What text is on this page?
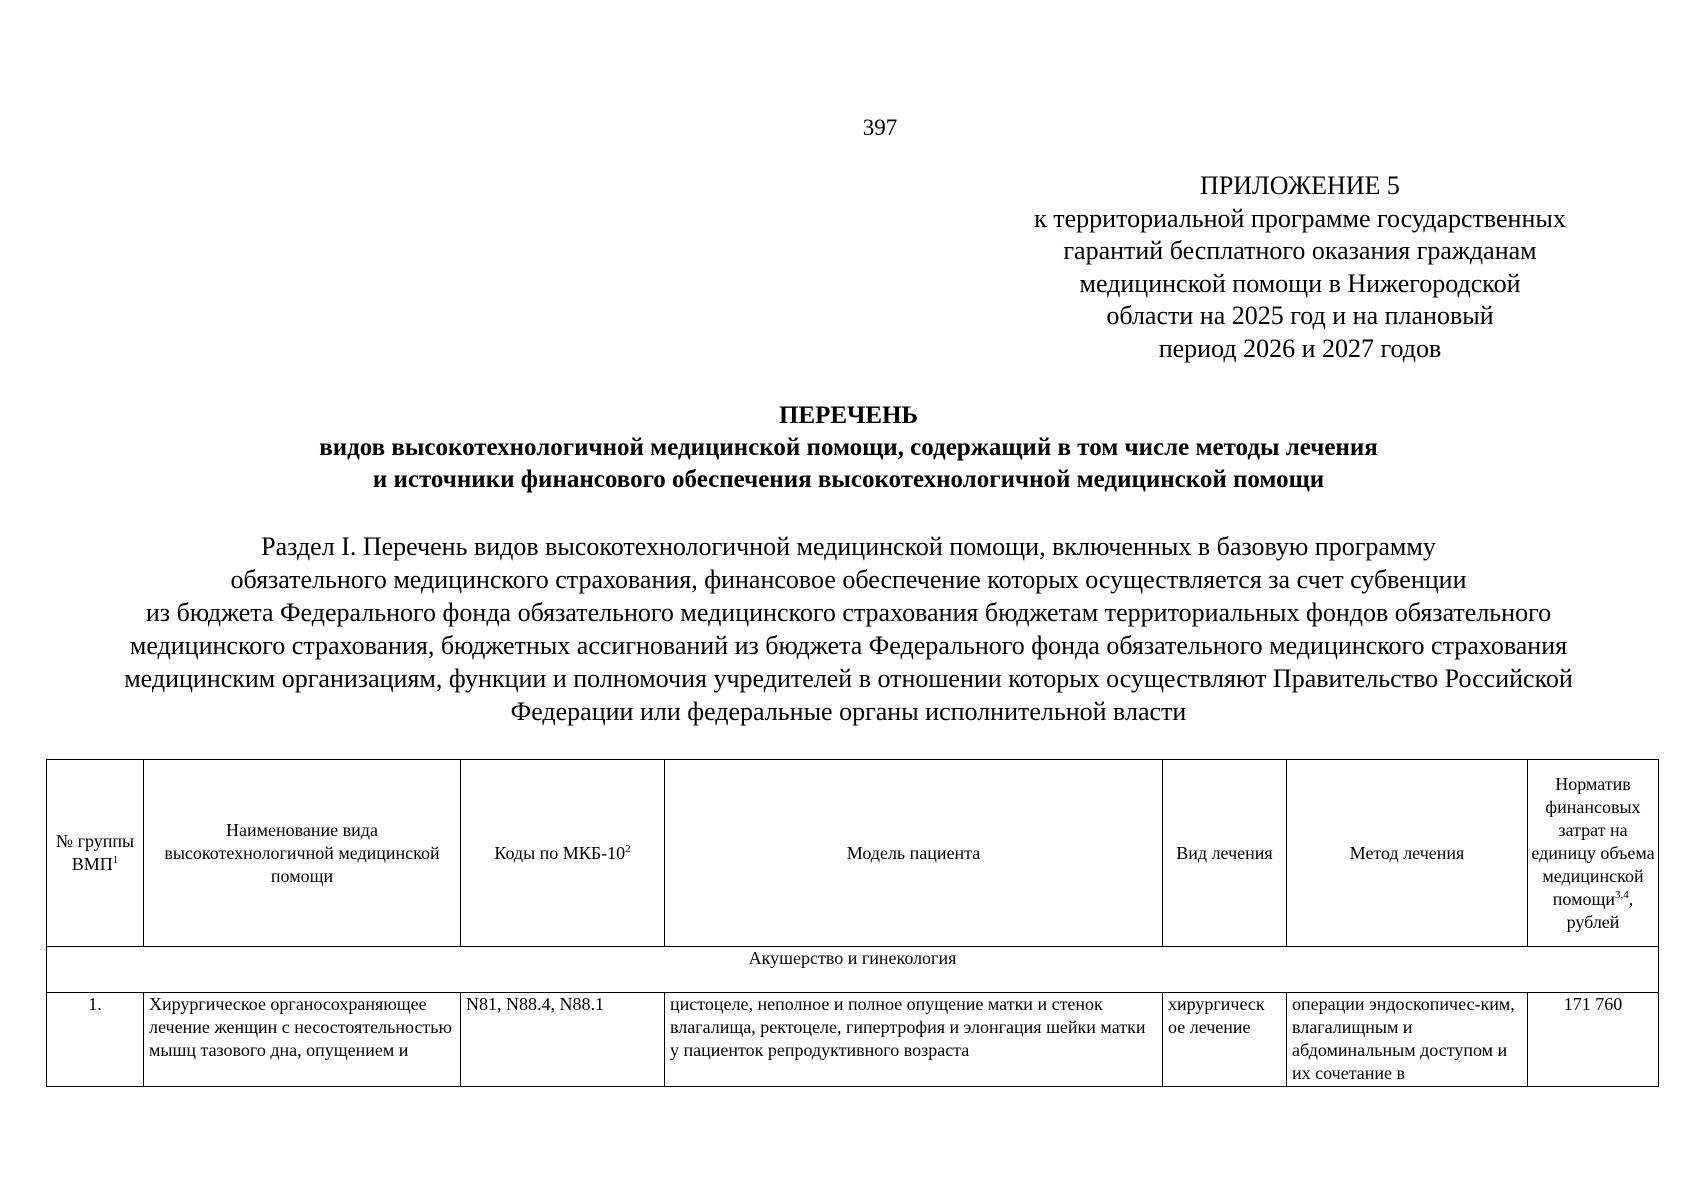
397
ПРИЛОЖЕНИЕ 5
к территориальной программе государственных
гарантий бесплатного оказания гражданам
медицинской помощи в Нижегородской
области на 2025 год и на плановый
период 2026 и 2027 годов
ПЕРЕЧЕНЬ
видов высокотехнологичной медицинской помощи, содержащий в том числе методы лечения
и источники финансового обеспечения высокотехнологичной медицинской помощи
Раздел I. Перечень видов высокотехнологичной медицинской помощи, включенных в базовую программу
обязательного медицинского страхования, финансовое обеспечение которых осуществляется за счет субвенции
из бюджета Федерального фонда обязательного медицинского страхования бюджетам территориальных фондов обязательного
медицинского страхования, бюджетных ассигнований из бюджета Федерального фонда обязательного медицинского страхования
медицинским организациям, функции и полномочия учредителей в отношении которых осуществляют Правительство Российской
Федерации или федеральные органы исполнительной власти
№ группы ВМП$^1$	Наименование вида высокотехнологичной медицинской помощи	Коды по МКБ-$10^2$	Модель пациента	Вид лечения	Метод лечения	Норматив финансовых затрат на единицу объема медицинской помощи$^{3,4}$, рублей
Акушерство и гинекология						
1.	Хирургическое органосохраняющее лечение женщин с несостоятельностью мышц тазового дна, опущением и	N81, N88.4, N88.1	цистоцеле, неполное и полное опущение матки и стенок влагалища, ректоцеле, гипертрофия и элонгация шейки матки у пациенток репродуктивного возраста	хирургическ ое лечение	операции эндоскопичес-ким, влагалищным и абдоминальным доступом и их сочетание в	171 760
